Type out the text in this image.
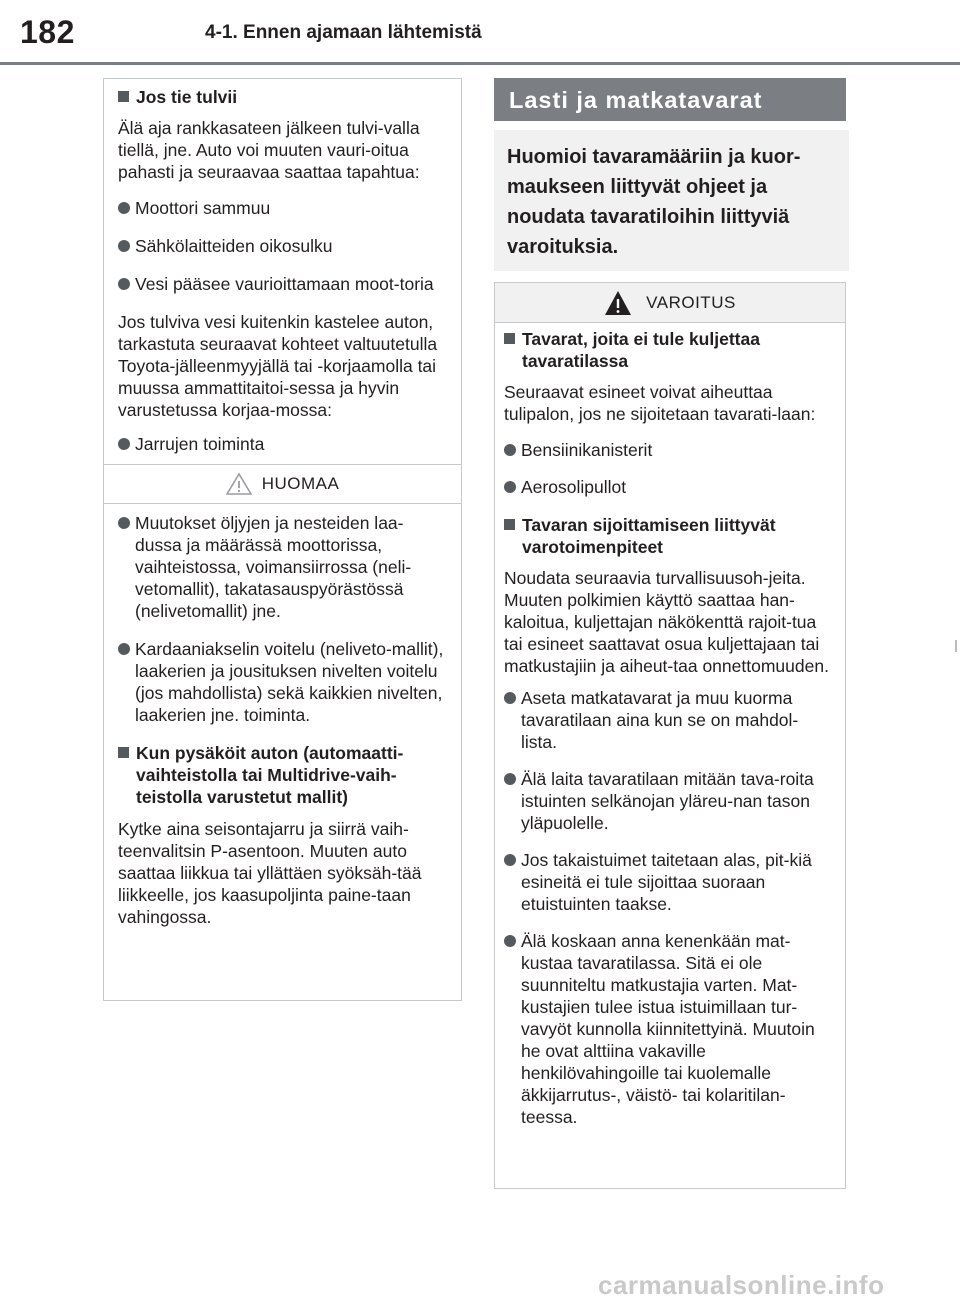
182	4-1. Ennen ajamaan lähtemistä
Jos tie tulvii

Älä aja rankkasateen jälkeen tulvi-valla tiellä, jne. Auto voi muuten vauri-oitua pahasti ja seuraavaa saattaa tapahtua:

Moottori sammuu
Sähkölaitteiden oikosulku
Vesi pääsee vaurioittamaan moot-toria

Jos tulviva vesi kuitenkin kastelee auton, tarkastuta seuraavat kohteet valtuutetulla Toyota-jälleenmyyjällä tai -korjaamolla tai muussa ammattitaitoi-sessa ja hyvin varustetussa korjaa-mossa:

Jarrujen toiminta
HUOMAA
Muutokset öljyjen ja nesteiden laa-dussa ja määrässä moottorissa, vaihteistossa, voimansiirrossa (neli-vetomallit), takatasauspyörästössä (nelivetomallit) jne.
Kardaaniakselin voitelu (neliveto-mallit), laakerien ja jousituksen nivelten voitelu (jos mahdollista) sekä kaikkien nivelten, laakerien jne. toiminta.
Kun pysäköit auton (automaatti-vaihteistolla tai Multidrive-vaih-teistolla varustetut mallit)

Kytke aina seisontajarru ja siirrä vaih-teenvalitsin P-asentoon. Muuten auto saattaa liikkua tai yllättäen syöksäh-tää liikkeelle, jos kaasupoljinta paine-taan vahingossa.

Lasti ja matkatavarat
Huomioi tavaramääriin ja kuor-maukseen liittyvät ohjeet ja noudata tavaratiloihin liittyviä varoituksia.
VAROITUS
Tavarat, joita ei tule kuljettaa tavaratilassa

Seuraavat esineet voivat aiheuttaa tulipalon, jos ne sijoitetaan tavarati-laan:

Bensiinikanisterit
Aerosolipullot
Tavaran sijoittamiseen liittyvät varotoimenpiteet

Noudata seuraavia turvallisuusoh-jeita.

Muuten polkimien käyttö saattaa han-kaloitua, kuljettajan näkökenttä rajoit-tua tai esineet saattavat osua kuljettajaan tai matkustajiin ja aiheut-taa onnettomuuden.

Aseta matkatavarat ja muu kuorma tavaratilaan aina kun se on mahdol-lista.
Älä laita tavaratilaan mitään tava-roita istuinten selkänojan yläreu-nan tason yläpuolelle.
Jos takaistuimet taitetaan alas, pit-kiä esineitä ei tule sijoittaa suoraan etuistuinten taakse.
Älä koskaan anna kenenkään mat-kustaa tavaratilassa. Sitä ei ole suunniteltu matkustajia varten. Mat-kustajien tulee istua istuimillaan tur-vavyöt kunnolla kiinnitettyinä. Muutoin he ovat alttiina vakaville henkilövahingoille tai kuolemalle äkkijarrutus-, väistö- tai kolaritilan-teessa.
carmanualsonline.info
